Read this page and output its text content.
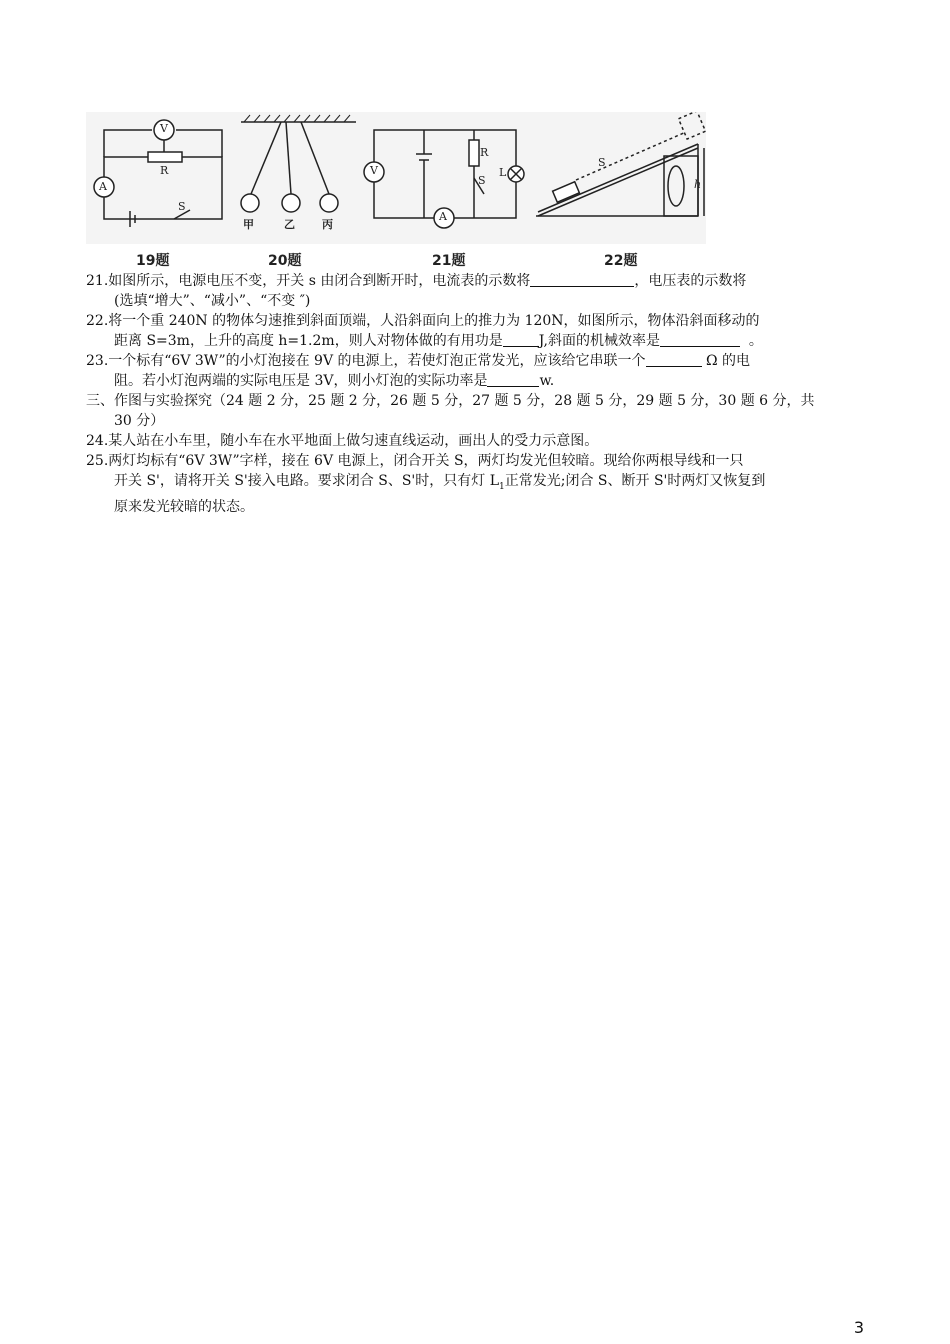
V
A
R
S
甲	乙 丙
V
A
R
S
L
S
h
19题	20题	21题	22题

21.如图所示，电源电压不变，开关 s 由闭合到断开时，电流表的示数将	，电压表的示数将

(选填“增大”、“减小”、“不变 ″)

22.将一个重 240N 的物体匀速推到斜面顶端，人沿斜面向上的推力为 120N，如图所示，物体沿斜面移动的

距离 S=3m，上升的高度 h=1.2m，则人对物体做的有用功是	J,斜面的机械效率是	。

23.一个标有“6V 3W”的小灯泡接在 9V 的电源上，若使灯泡正常发光，应该给它串联一个	Ω 的电

阻。若小灯泡两端的实际电压是 3V，则小灯泡的实际功率是	w.

三、作图与实验探究（24 题 2 分，25 题 2 分，26 题 5 分，27 题 5 分，28 题 5 分，29 题 5 分，30 题 6 分，共

30 分）

24.某人站在小车里，随小车在水平地面上做匀速直线运动，画出人的受力示意图。

25.两灯均标有“6V 3W”字样，接在 6V 电源上，闭合开关 S，两灯均发光但较暗。现给你两根导线和一只

开关 S'，请将开关 S'接入电路。要求闭合 S、S'时，只有灯 $L_1$正常发光;闭合 S、断开 S'时两灯又恢复到

原来发光较暗的状态。

3
